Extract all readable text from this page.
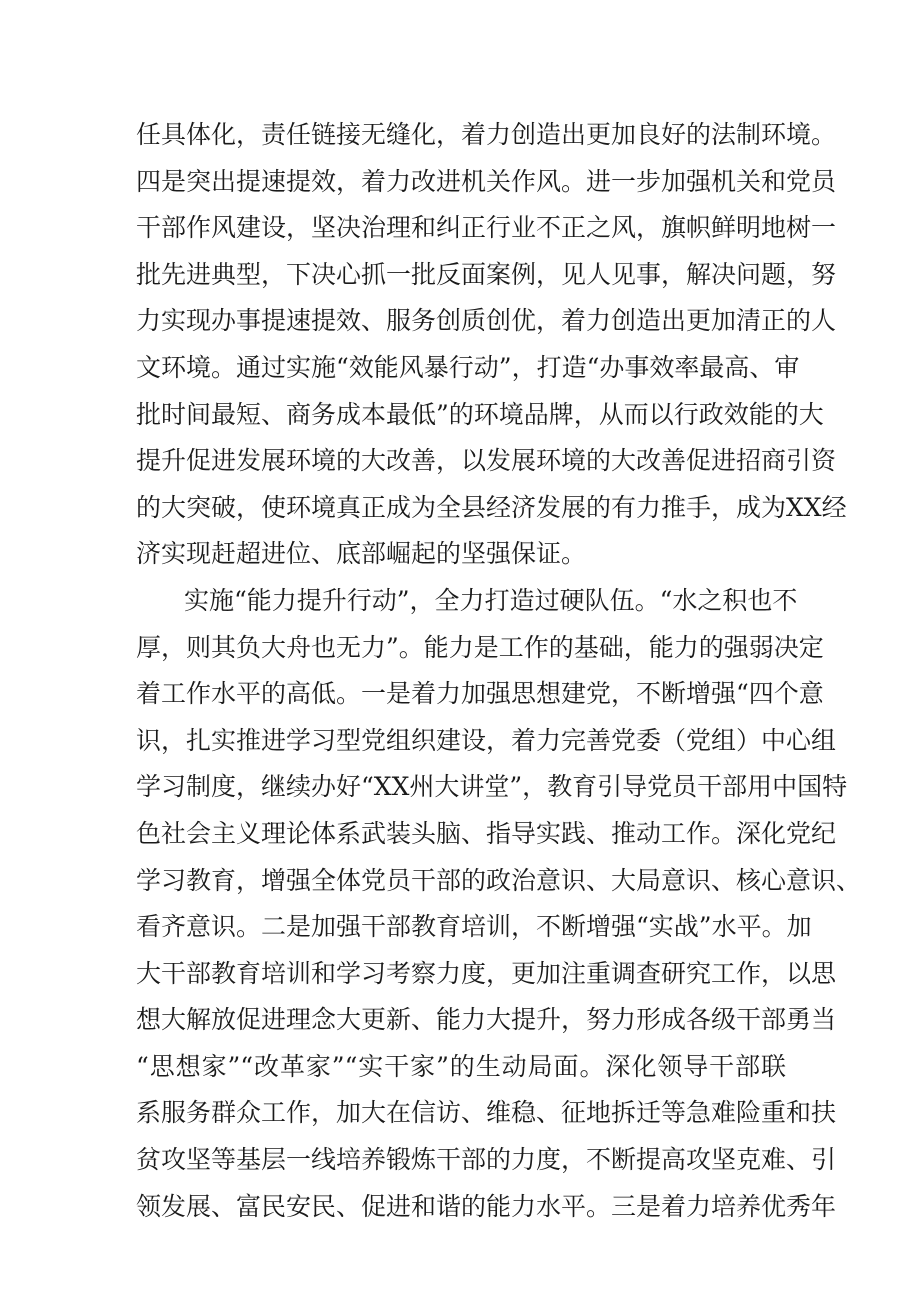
任具体化，责任链接无缝化，着力创造出更加良好的法制环境。
四是突出提速提效，着力改进机关作风。进一步加强机关和党员
干部作风建设，坚决治理和纠正行业不正之风，旗帜鲜明地树一
批先进典型，下决心抓一批反面案例，见人见事，解决问题，努
力实现办事提速提效、服务创质创优，着力创造出更加清正的人
文环境。通过实施“效能风暴行动”，打造“办事效率最高、审
批时间最短、商务成本最低”的环境品牌，从而以行政效能的大
提升促进发展环境的大改善，以发展环境的大改善促进招商引资
的大突破，使环境真正成为全县经济发展的有力推手，成为XX经
济实现赶超进位、底部崛起的坚强保证。
实施“能力提升行动”，全力打造过硬队伍。“水之积也不
厚，则其负大舟也无力”。能力是工作的基础，能力的强弱决定
着工作水平的高低。一是着力加强思想建党，不断增强“四个意
识，扎实推进学习型党组织建设，着力完善党委（党组）中心组
学习制度，继续办好“XX州大讲堂”，教育引导党员干部用中国特
色社会主义理论体系武装头脑、指导实践、推动工作。深化党纪
学习教育，增强全体党员干部的政治意识、大局意识、核心意识、
看齐意识。二是加强干部教育培训，不断增强“实战”水平。加
大干部教育培训和学习考察力度，更加注重调查研究工作，以思
想大解放促进理念大更新、能力大提升，努力形成各级干部勇当
“思想家”“改革家”“实干家”的生动局面。深化领导干部联
系服务群众工作，加大在信访、维稳、征地拆迁等急难险重和扶
贫攻坚等基层一线培养锻炼干部的力度，不断提高攻坚克难、引
领发展、富民安民、促进和谐的能力水平。三是着力培养优秀年
